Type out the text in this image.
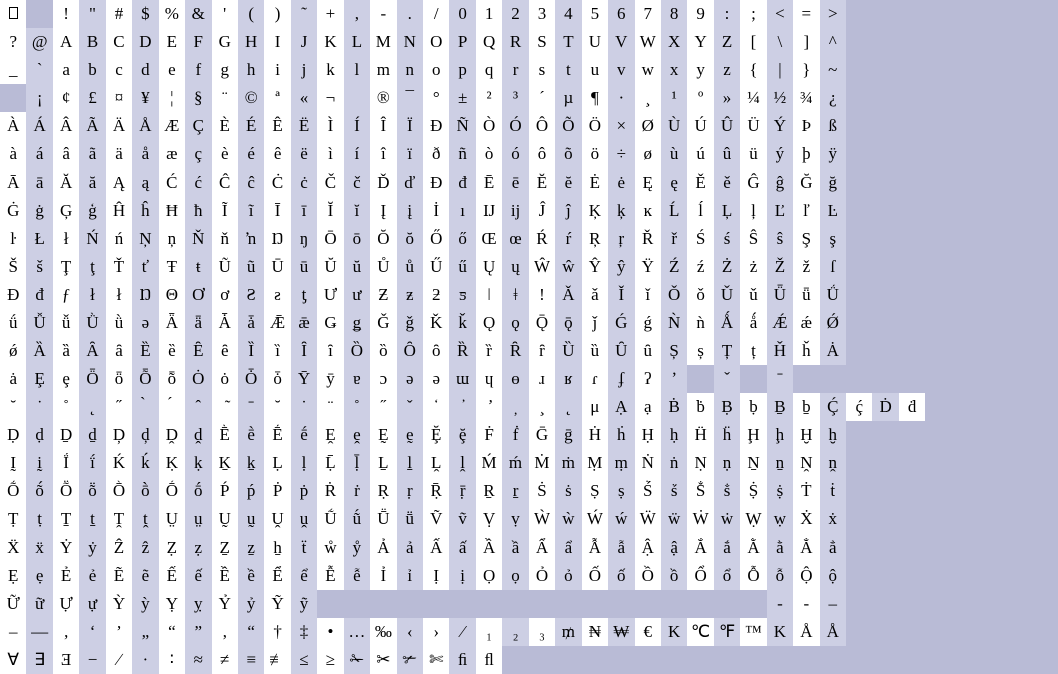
		!	"	#	$	%	&	'	(	)	˜	+	,	-	.	/	0	1	2	3	4	5	6	7	8	9	:	;	<	=	>								
?	@	A	B	C	D	E	F	G	H	I	J	K	L	M	N	O	P	Q	R	S	T	U	V	W	X	Y	Z	[	\	]	^								
_	`	a	b	c	d	e	f	g	h	i	j	k	l	m	n	o	p	q	r	s	t	u	v	w	x	y	z	{	|	}	~								
	¡	¢	£	¤	¥	¦	§	¨	©	ª	«	¬		®	¯	°	±	²	³	´	µ	¶	·	¸	¹	º	»	¼	½	¾	¿								
À	Á	Â	Ã	Ä	Å	Æ	Ç	È	É	Ê	Ë	Ì	Í	Î	Ï	Ð	Ñ	Ò	Ó	Ô	Õ	Ö	×	Ø	Ù	Ú	Û	Ü	Ý	Þ	ß								
à	á	â	ã	ä	å	æ	ç	è	é	ê	ë	ì	í	î	ï	ð	ñ	ò	ó	ô	õ	ö	÷	ø	ù	ú	û	ü	ý	þ	ÿ								
Ā	ā	Ă	ă	Ą	ą	Ć	ć	Ĉ	ĉ	Ċ	ċ	Č	č	Ď	ď	Đ	đ	Ē	ē	Ĕ	ĕ	Ė	ė	Ę	ę	Ě	ě	Ĝ	ĝ	Ğ	ğ								
Ġ	ġ	Ģ	ģ	Ĥ	ĥ	Ħ	ħ	Ĩ	ĩ	Ī	ī	Ĭ	ĭ	Į	į	İ	ı	Ĳ	ĳ	Ĵ	ĵ	Ķ	ķ	ĸ	Ĺ	ĺ	Ļ	ļ	Ľ	ľ	Ŀ								
ŀ	Ł	ł	Ń	ń	Ņ	ņ	Ň	ň	ŉ	Ŋ	ŋ	Ō	ō	Ŏ	ŏ	Ő	ő	Œ	œ	Ŕ	ŕ	Ŗ	ŗ	Ř	ř	Ś	ś	Ŝ	ŝ	Ş	ş								
Š	š	Ţ	ţ	Ť	ť	Ŧ	ŧ	Ũ	ũ	Ū	ū	Ŭ	ŭ	Ů	ů	Ű	ű	Ų	ų	Ŵ	ŵ	Ŷ	ŷ	Ÿ	Ź	ź	Ż	ż	Ž	ž	ſ								
Ɖ	đ	ƒ	ł	ł	Ŋ	Θ	Ơ	ơ	Ƨ	ƨ	ƫ	Ư	ư	Ƶ	ƶ	ƻ	ƽ	ǀ	ǂ	ǃ	Ǎ	ǎ	Ǐ	ǐ	Ǒ	ǒ	Ǔ	ǔ	Ǖ	ǖ	Ǘ								
ǘ	Ǚ	ǚ	Ǜ	ǜ	ǝ	Ǟ	ǟ	Ǡ	ǡ	Ǣ	ǣ	Ǥ	ǥ	Ǧ	ǧ	Ǩ	ǩ	Ǫ	ǫ	Ǭ	ǭ	ǰ	Ǵ	ǵ	Ǹ	ǹ	Ǻ	ǻ	Ǽ	ǽ	Ǿ								
ǿ	Ȁ	ȁ	Ȃ	ȃ	Ȅ	ȅ	Ȇ	ȇ	Ȉ	ȉ	Ȋ	ȋ	Ȍ	ȍ	Ȏ	ȏ	Ȑ	ȑ	Ȓ	ȓ	Ȕ	ȕ	Ȗ	ȗ	Ș	ș	Ț	ț	Ȟ	ȟ	Ȧ								
ȧ	Ȩ	ȩ	Ȫ	ȫ	Ȭ	ȭ	Ȯ	ȯ	Ȱ	ȱ	Ȳ	ȳ	ɐ	ɔ	ə	ə	ɯ	ɥ	ɵ	ɹ	ʁ	ɾ	ʄ	ʔ	ʼ		ˇ		ˉ										
˘	˙	˚	˛	˝																		μ	Ạ	ạ	Ḃ	ḃ	Ḅ	ḅ	Ḇ	ḇ	Ḉ	ḉ	Ḋ	ḋ					
Ḍ	ḍ	Ḏ	ḏ	Ḑ	ḑ	Ḓ	ḓ	Ḕ	ḕ	Ḗ	ḗ	Ḙ	ḙ	Ḛ	ḛ	Ḝ	ḝ	Ḟ	ḟ	Ḡ	ḡ	Ḣ	ḣ	Ḥ	ḥ	Ḧ	ḧ	Ḩ	ḩ	Ḫ	ḫ								
Ḭ	ḭ	Ḯ	ḯ	Ḱ	ḱ	Ḳ	ḳ	Ḵ	ḵ	Ḷ	ḷ	Ḹ	ḹ	Ḻ	ḻ	Ḽ	ḽ	Ḿ	ḿ	Ṁ	ṁ	Ṃ	ṃ	Ṅ	ṅ	Ṇ	ṇ	Ṉ	ṉ	Ṋ	ṋ								
Ṍ	ṍ	Ṏ	ṏ	Ṑ	ṑ	Ṓ	ṓ	Ṕ	ṕ	Ṗ	ṗ	Ṙ	ṙ	Ṛ	ṛ	Ṝ	ṝ	Ṟ	ṟ	Ṡ	ṡ	Ṣ	ṣ	Ṥ	ṥ	Ṧ	ṧ	Ṩ	ṩ	Ṫ	ṫ								
Ṭ	ṭ	Ṯ	ṯ	Ṱ	ṱ	Ṳ	ṳ	Ṵ	ṵ	Ṷ	ṷ	Ṹ	ṹ	Ṻ	ṻ	Ṽ	ṽ	Ṿ	ṿ	Ẁ	ẁ	Ẃ	ẃ	Ẅ	ẅ	Ẇ	ẇ	Ẉ	ẉ	Ẋ	ẋ								
Ẍ	ẍ	Ẏ	ẏ	Ẑ	ẑ	Ẓ	ẓ	Ẕ	ẕ	ẖ	ẗ	ẘ	ẙ	Ả	ả	Ấ	ấ	Ầ	ầ	Ẩ	ẩ	Ẫ	ẫ	Ậ	ậ	Ắ	ắ	Ằ	ằ	Ẳ	ẳ								
Ẹ	ẹ	Ẻ	ẻ	Ẽ	ẽ	Ế	ế	Ề	ề	Ể	ể	Ễ	ễ	Ỉ	ỉ	Ị	ị	Ọ	ọ	Ỏ	ỏ	Ố	ố	Ồ	ồ	Ổ	ổ	Ỗ	ỗ	Ộ	ộ								
Ữ	ữ	Ự	ự	Ỳ	ỳ	Ỵ	ỵ	Ỷ	ỷ	Ỹ	ỹ																		‐	‑	‒								
–	—	‚	‘	’	„	“	”	‚	“	†	‡	•	…	‰	‹	›	⁄	₁	₂	₃	₥	₦	₩	€	K	℃	℉	™	K	Å	Å								
∀	∃	Ǝ	−	∕	∙	∶	≈	≠	≡	≢	≤	≥	✁	✂	✃	✄	ﬁ	ﬂ																					
